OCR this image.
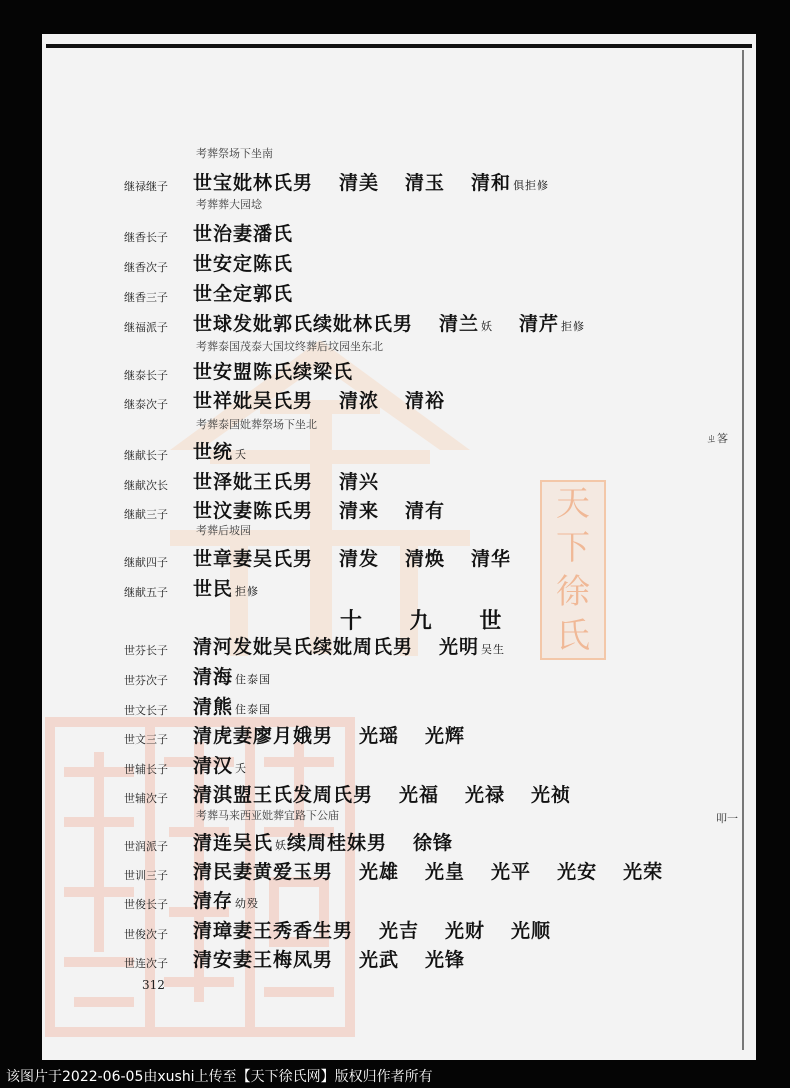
天
下
徐
氏
考葬祭场下坐南
考葬葬大园埝
考葬泰国茂泰大国坟终葬后坟园坐东北
考葬泰国妣葬祭场下坐北
考葬后坡园
考葬马来西亚妣葬宜路下公庙
继禄继子	世宝妣林氏男 清美 清玉 清和 俱拒修
继香长子	世治妻潘氏
继香次子	世安定陈氏
继香三子	世全定郭氏
继福派子	世球发妣郭氏续妣林氏男 清兰 妖 清芹 拒修
继泰长子	世安盟陈氏续梁氏
继泰次子	世祥妣吴氏男 清浓 清裕
继献长子	世统 夭
继献次长	世泽妣王氏男 清兴
继献三子	世汶妻陈氏男 清来 清有
继献四子	世章妻吴氏男 清发 清焕 清华
继献五子	世民 拒修
十 九 世
世芬长子	清河发妣吴氏续妣周氏男 光明 吴生
世芬次子	清海 住泰国
世文长子	清熊 住泰国
世文三子	清虎妻廖月娥男 光瑶 光辉
世辅长子	清汉 夭
世辅次子	清淇盟王氏发周氏男 光福 光禄 光祯
世润派子	清连吴氏 妖续周桂妹男 徐锋
世训三子	清民妻黄爱玉男 光雄 光皇 光平 光安 光荣
世俊长子	清存 幼殁
世俊次子	清璋妻王秀香生男 光吉 光财 光顺
世连次子	清安妻王梅凤男 光武 光锋
ㄓ笿
叩一
312
该图片于2022-06-05由xushi上传至【天下徐氏网】版权归作者所有
